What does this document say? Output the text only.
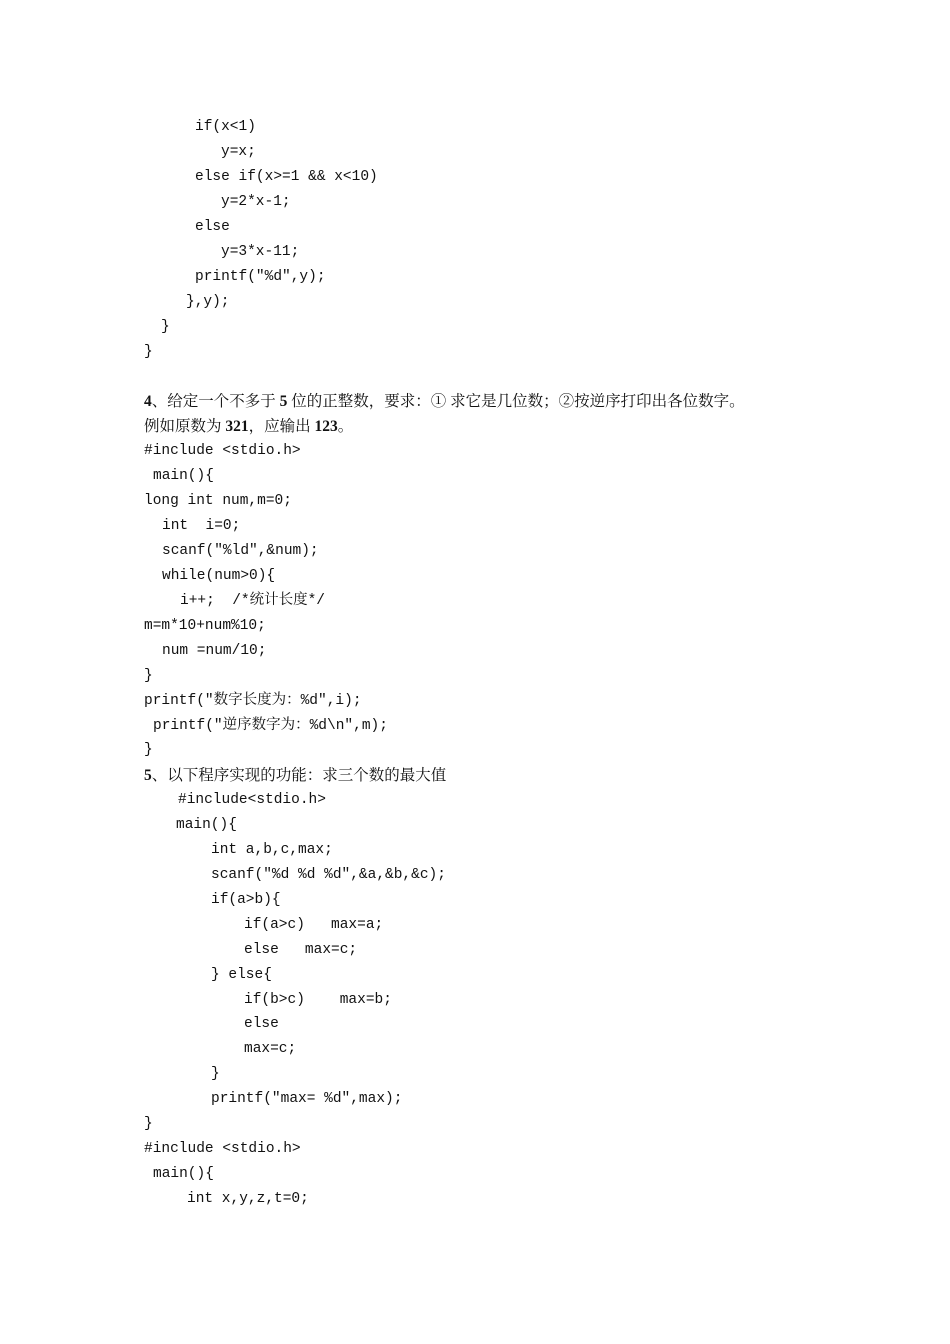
if(x<1)
y=x;
else if(x>=1 && x<10)
y=2*x-1;
else
y=3*x-11;
printf("%d",y);
},y);
}
}
4、给定一个不多于 5 位的正整数，要求：① 求它是几位数；②按逆序打印出各位数字。
例如原数为 321，应输出 123。
#include <stdio.h>
main(){
long int num,m=0;
int  i=0;
scanf("%ld",&num);
while(num>0){
i++;  /*统计长度*/
m=m*10+num%10;
num =num/10;
}
printf("数字长度为：%d",i);
printf("逆序数字为：%d\n",m);
}
5、以下程序实现的功能：求三个数的最大值
#include<stdio.h>
main(){
int a,b,c,max;
scanf("%d %d %d",&a,&b,&c);
if(a>b){
if(a>c)   max=a;
else   max=c;
} else{
if(b>c)    max=b;
else
max=c;
}
printf("max= %d",max);
}
#include <stdio.h>
main(){
int x,y,z,t=0;
